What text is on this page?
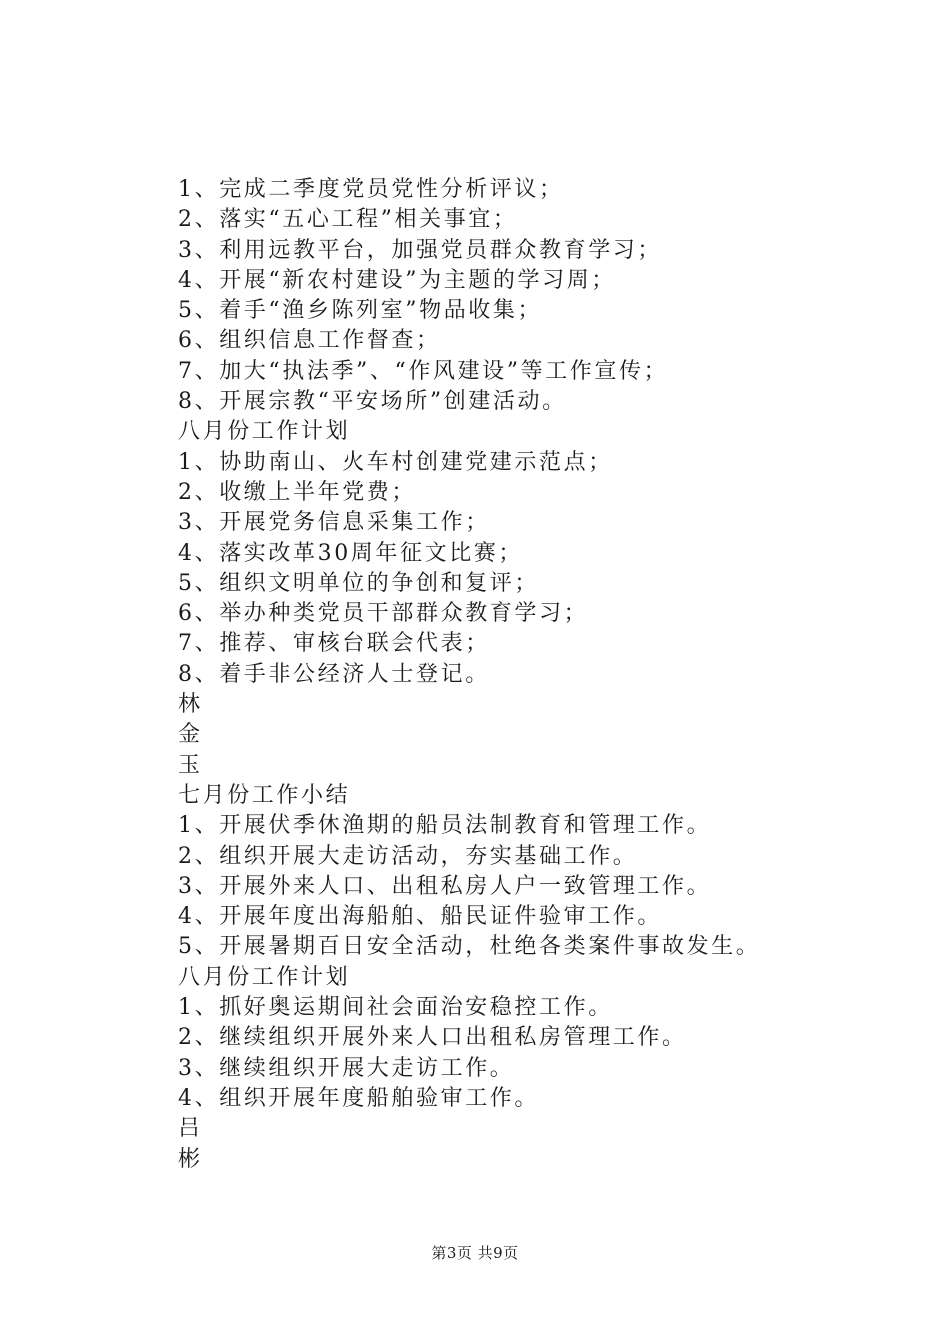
1、完成二季度党员党性分析评议；
2、落实“五心工程”相关事宜；
3、利用远教平台，加强党员群众教育学习；
4、开展“新农村建设”为主题的学习周；
5、着手“渔乡陈列室”物品收集；
6、组织信息工作督查；
7、加大“执法季”、“作风建设”等工作宣传；
8、开展宗教“平安场所”创建活动。
八月份工作计划
1、协助南山、火车村创建党建示范点；
2、收缴上半年党费；
3、开展党务信息采集工作；
4、落实改革30周年征文比赛；
5、组织文明单位的争创和复评；
6、举办种类党员干部群众教育学习；
7、推荐、审核台联会代表；
8、着手非公经济人士登记。
林
金
玉
七月份工作小结
1、开展伏季休渔期的船员法制教育和管理工作。
2、组织开展大走访活动，夯实基础工作。
3、开展外来人口、出租私房人户一致管理工作。
4、开展年度出海船舶、船民证件验审工作。
5、开展暑期百日安全活动，杜绝各类案件事故发生。
八月份工作计划
1、抓好奥运期间社会面治安稳控工作。
2、继续组织开展外来人口出租私房管理工作。
3、继续组织开展大走访工作。
4、组织开展年度船舶验审工作。
吕
彬
第3页 共9页
